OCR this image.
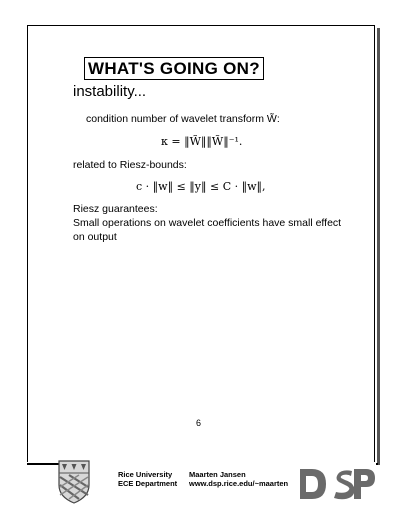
WHAT'S GOING ON?
instability...
condition number of wavelet transform W̃:
κ = ‖W̃‖‖W̃‖⁻¹.
related to Riesz-bounds:
c · ‖w‖ ≤ ‖y‖ ≤ C · ‖w‖,
Riesz guarantees:
Small operations on wavelet coefficients have small effect
on output
6
Rice University
ECE Department
Maarten Jansen
www.dsp.rice.edu/~maarten
